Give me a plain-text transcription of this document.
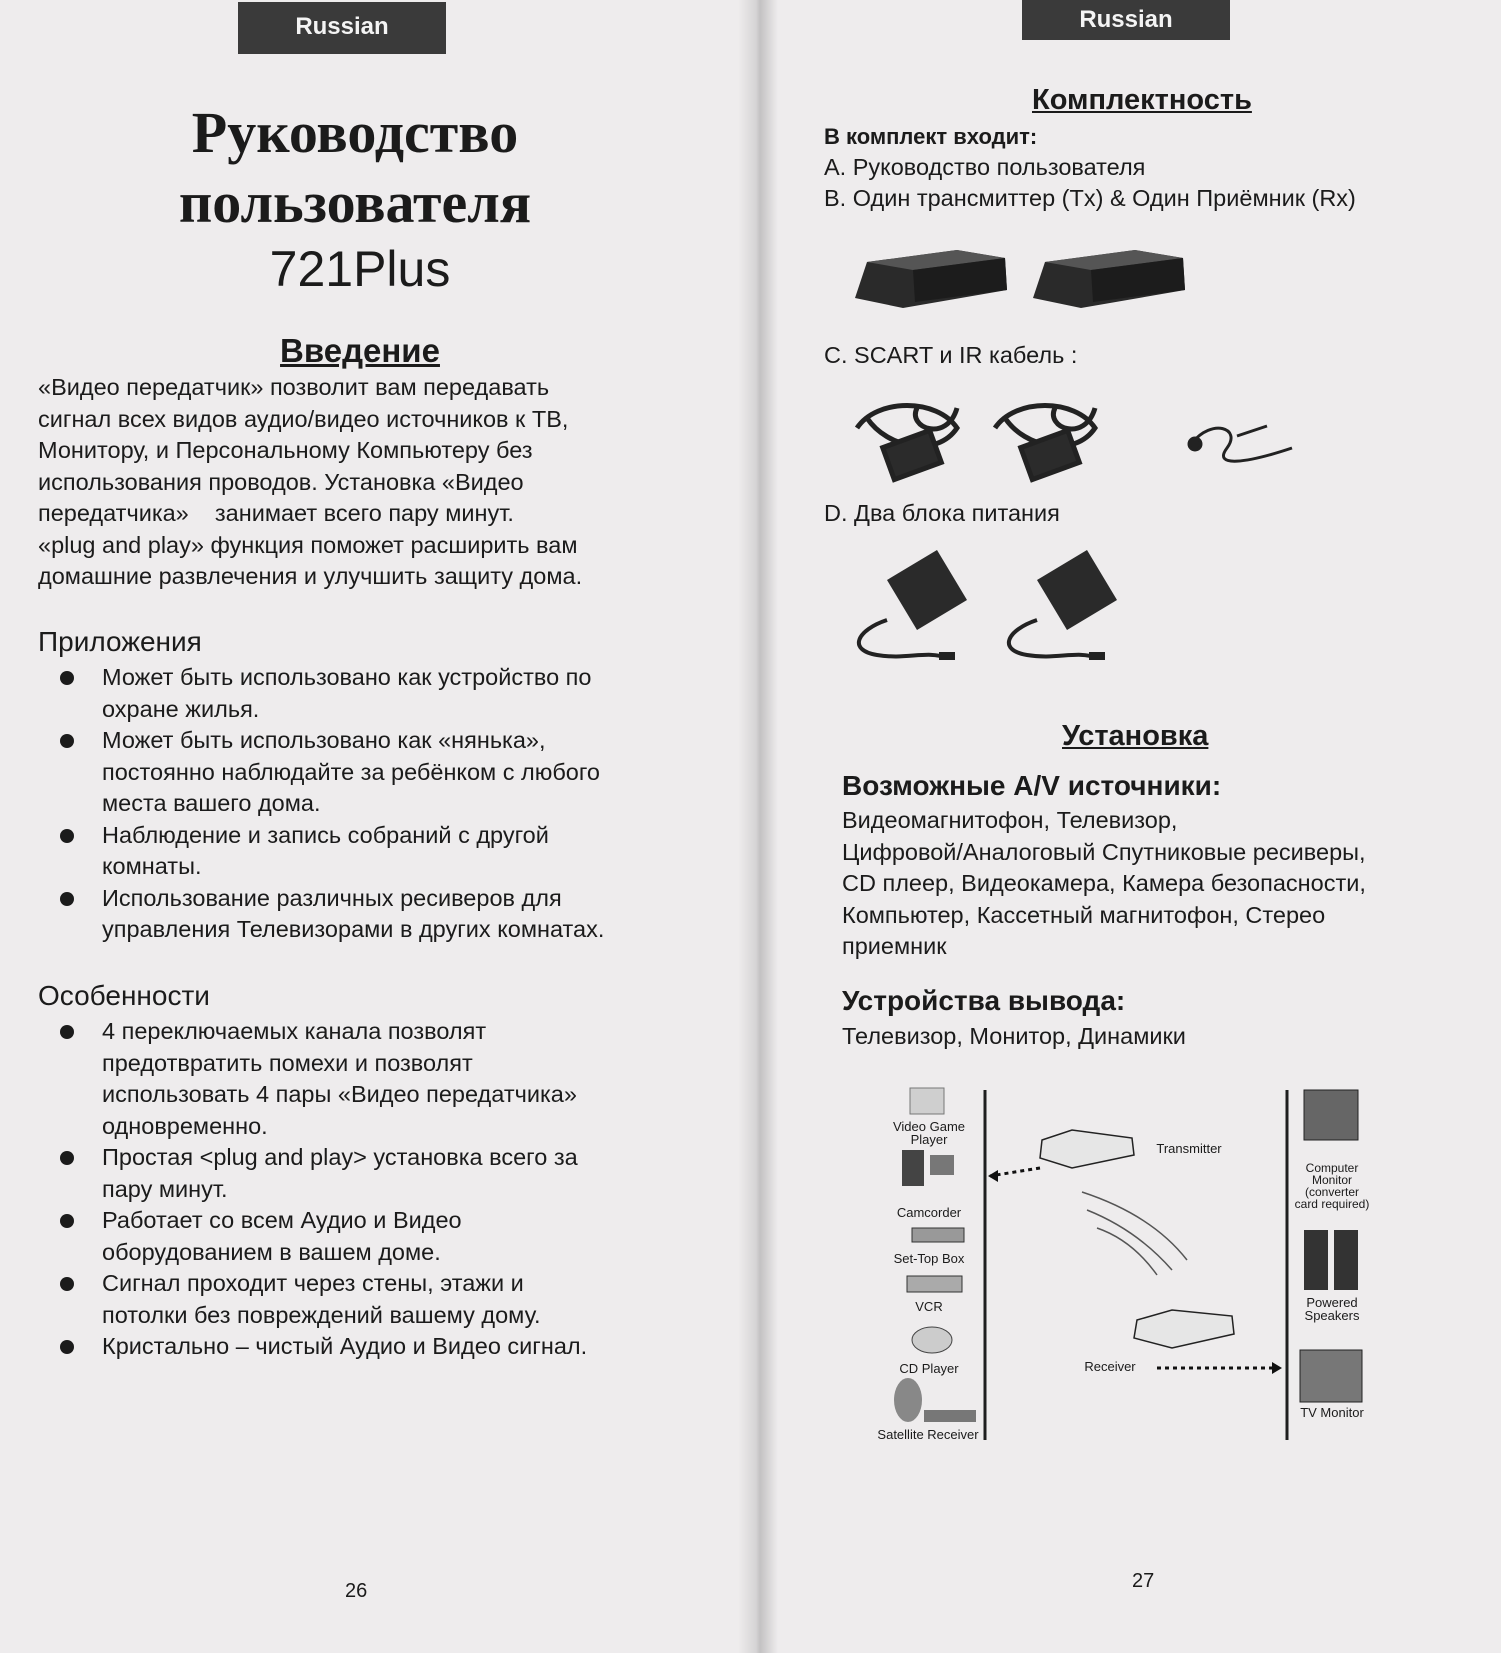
Russian
Руководство
пользователя
721Plus
Введение
«Видео передатчик» позволит вам передавать
сигнал всех видов аудио/видео источников к ТВ,
Монитору, и Персональному Компьютеру без
использования проводов. Установка «Видео
передатчика»    занимает всего пару минут.
«plug and play» функция поможет расширить вам
домашние развлечения и улучшить защиту дома.
Приложения
Может быть использовано как устройство по
охране жилья.
Может быть использовано как «нянька»,
постоянно наблюдайте за ребёнком с любого
места вашего дома.
Наблюдение и запись собраний с другой
комнаты.
Использование различных ресиверов для
управления Телевизорами в других комнатах.
Особенности
4 переключаемых канала позволят
предотвратить помехи и позволят
использовать 4 пары «Видео передатчика»
одновременно.
Простая <plug and play> установка всего за
пару минут.
Работает со всем Аудио и Видео
оборудованием в вашем доме.
Сигнал проходит через стены, этажи и
потолки без повреждений вашему дому.
Кристально – чистый Аудио и Видео сигнал.
26
Russian
Комплектность
В комплект входит:
A. Руководство пользователя
B. Один трансмиттер (Tx) & Один Приёмник (Rx)
C. SCART и IR кабель :
D. Два блока питания
Установка
Возможные A/V источники:
Видеомагнитофон, Телевизор,
Цифровой/Аналоговый Спутниковые ресиверы,
CD плеер, Видеокамера, Камера безопасности,
Компьютер, Кассетный магнитофон, Стерео
приемник
Устройства вывода:
Телевизор, Монитор, Динамики
Video Game
Player
Camcorder
Set-Top Box
VCR
CD Player
Satellite Receiver
Transmitter
Receiver
Computer
Monitor
(converter
card required)
Powered
Speakers
TV Monitor
27
